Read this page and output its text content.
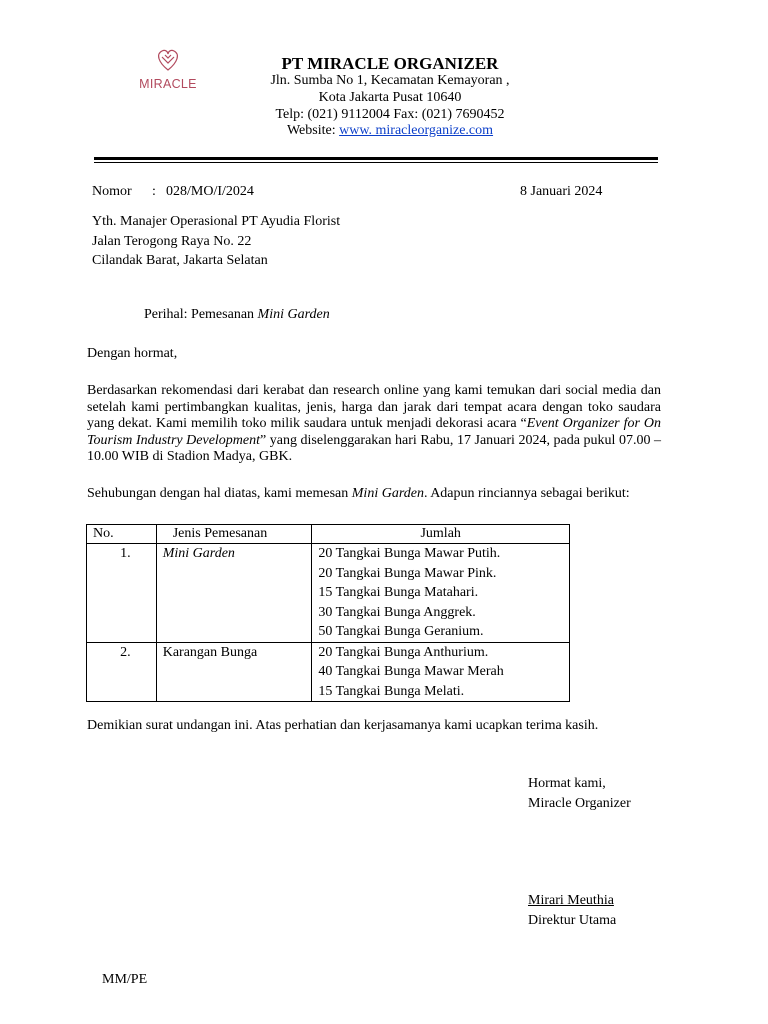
MIRACLE
PT MIRACLE ORGANIZER
Jln. Sumba No 1, Kecamatan Kemayoran ,
Kota Jakarta Pusat 10640
Telp: (021) 9112004 Fax: (021) 7690452
Website: www. miracleorganize.com
Nomor : 028/MO/I/2024	8 Januari 2024
Yth. Manajer Operasional PT Ayudia Florist
Jalan Terogong Raya No. 22
Cilandak Barat, Jakarta Selatan
Perihal: Pemesanan Mini Garden
Dengan hormat,
Berdasarkan rekomendasi dari kerabat dan research online yang kami temukan dari social media dan setelah kami pertimbangkan kualitas, jenis, harga dan jarak dari tempat acara dengan toko saudara yang dekat. Kami memilih toko milik saudara untuk menjadi dekorasi acara “Event Organizer for On Tourism Industry Development” yang diselenggarakan hari Rabu, 17 Januari 2024, pada pukul 07.00 – 10.00 WIB di Stadion Madya, GBK.
Sehubungan dengan hal diatas, kami memesan Mini Garden. Adapun rinciannya sebagai berikut:
No.	Jenis Pemesanan	Jumlah

1.	Mini Garden	20 Tangkai Bunga Mawar Putih.
20 Tangkai Bunga Mawar Pink.
15 Tangkai Bunga Matahari.
30 Tangkai Bunga Anggrek.
50 Tangkai Bunga Geranium.

2.	Karangan Bunga	20 Tangkai Bunga Anthurium.
40 Tangkai Bunga Mawar Merah
15 Tangkai Bunga Melati.
Demikian surat undangan ini. Atas perhatian dan kerjasamanya kami ucapkan terima kasih.
Hormat kami,
Miracle Organizer
Mirari Meuthia
Direktur Utama
MM/PE
